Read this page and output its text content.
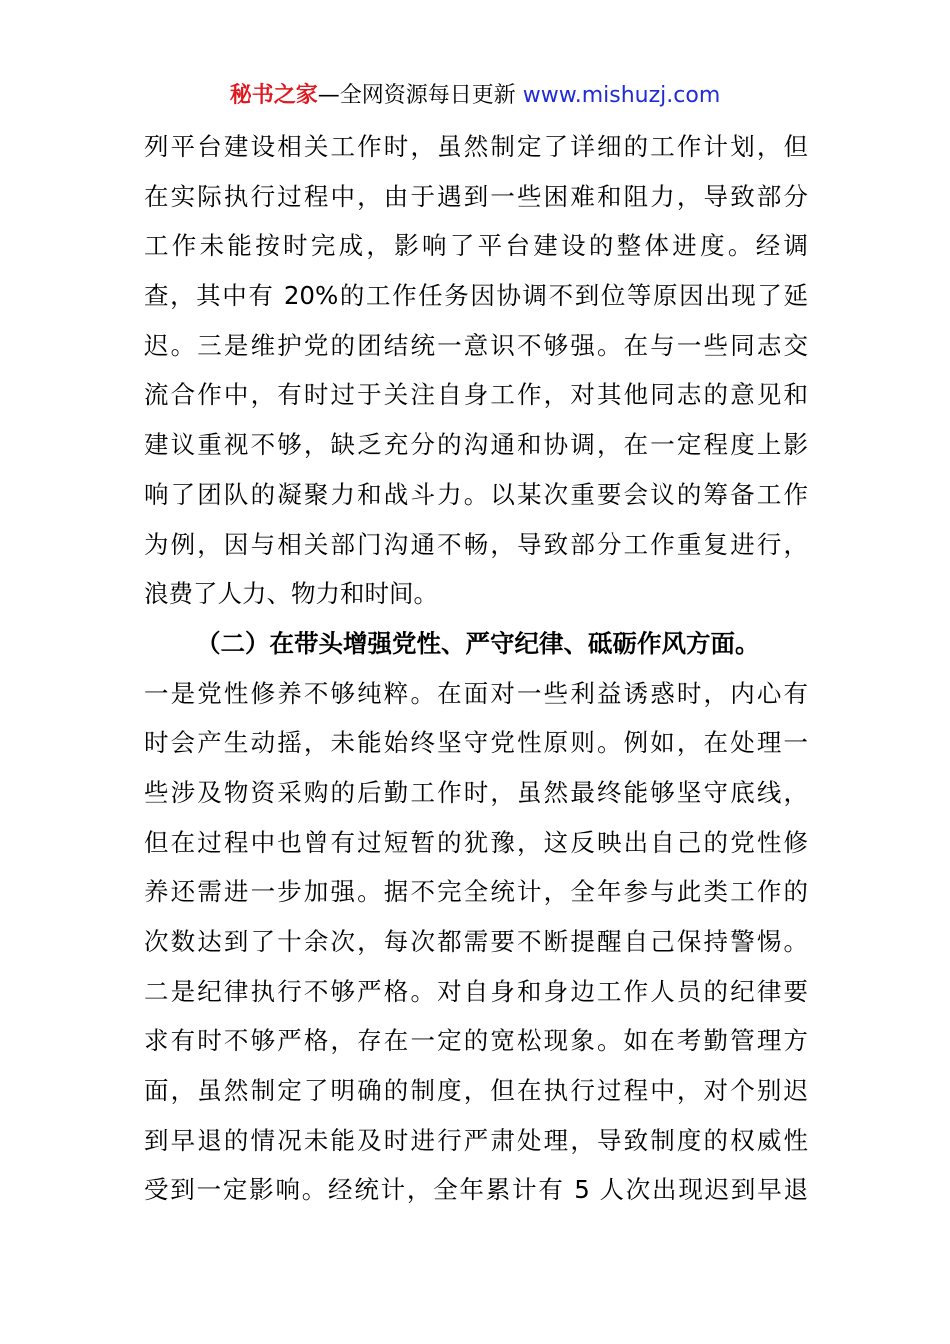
秘书之家—全网资源每日更新 www.mishuzj.com
列平台建设相关工作时，虽然制定了详细的工作计划，但
在实际执行过程中，由于遇到一些困难和阻力，导致部分
工作未能按时完成，影响了平台建设的整体进度。经调
查，其中有 20%的工作任务因协调不到位等原因出现了延
迟。三是维护党的团结统一意识不够强。在与一些同志交
流合作中，有时过于关注自身工作，对其他同志的意见和
建议重视不够，缺乏充分的沟通和协调，在一定程度上影
响了团队的凝聚力和战斗力。以某次重要会议的筹备工作
为例，因与相关部门沟通不畅，导致部分工作重复进行，
浪费了人力、物力和时间。
（二）在带头增强党性、严守纪律、砥砺作风方面。
一是党性修养不够纯粹。在面对一些利益诱惑时，内心有
时会产生动摇，未能始终坚守党性原则。例如，在处理一
些涉及物资采购的后勤工作时，虽然最终能够坚守底线，
但在过程中也曾有过短暂的犹豫，这反映出自己的党性修
养还需进一步加强。据不完全统计，全年参与此类工作的
次数达到了十余次，每次都需要不断提醒自己保持警惕。
二是纪律执行不够严格。对自身和身边工作人员的纪律要
求有时不够严格，存在一定的宽松现象。如在考勤管理方
面，虽然制定了明确的制度，但在执行过程中，对个别迟
到早退的情况未能及时进行严肃处理，导致制度的权威性
受到一定影响。经统计，全年累计有 5 人次出现迟到早退
